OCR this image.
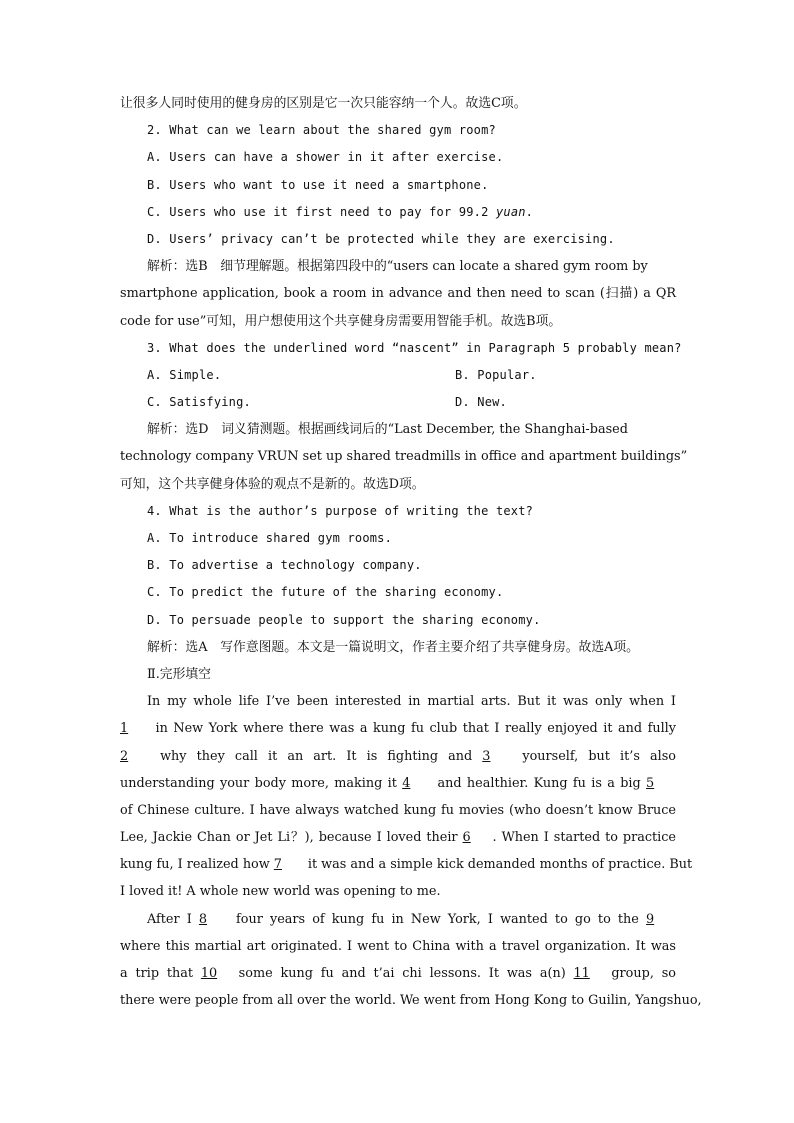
让很多人同时使用的健身房的区别是它一次只能容纳一个人。故选C项。
2. What can we learn about the shared gym room?
A. Users can have a shower in it after exercise.
B. Users who want to use it need a smartphone.
C. Users who use it first need to pay for 99.2 yuan.
D. Users’ privacy can’t be protected while they are exercising.
解析：选B　细节理解题。根据第四段中的“users can locate a shared gym room by
smartphone application, book a room in advance and then need to scan (扫描) a QR
code for use”可知，用户想使用这个共享健身房需要用智能手机。故选B项。
3. What does the underlined word “nascent” in Paragraph 5 probably mean?
A. Simple.	B. Popular.
C. Satisfying.	D. New.
解析：选D　词义猜测题。根据画线词后的“Last December, the Shanghai-based
technology company VRUN set up shared treadmills in office and apartment buildings”
可知，这个共享健身体验的观点不是新的。故选D项。
4. What is the author’s purpose of writing the text?
A. To introduce shared gym rooms.
B. To advertise a technology company.
C. To predict the future of the sharing economy.
D. To persuade people to support the sharing economy.
解析：选A　写作意图题。本文是一篇说明文，作者主要介绍了共享健身房。故选A项。
Ⅱ.完形填空
In my whole life I’ve been interested in martial arts. But it was only when I
1 in New York where there was a kung fu club that I really enjoyed it and fully
2 why they call it an art. It is fighting and 3 yourself, but it’s also
understanding your body more, making it 4 and healthier. Kung fu is a big 5
of Chinese culture. I have always watched kung fu movies (who doesn’t know Bruce
Lee, Jackie Chan or Jet Li？), because I loved their 6 . When I started to practice
kung fu, I realized how 7 it was and a simple kick demanded months of practice. But
I loved it! A whole new world was opening to me.
After I 8 four years of kung fu in New York, I wanted to go to the 9
where this martial art originated. I went to China with a travel organization. It was
a trip that 10 some kung fu and t’ai chi lessons. It was a(n) 11 group, so
there were people from all over the world. We went from Hong Kong to Guilin, Yangshuo,
